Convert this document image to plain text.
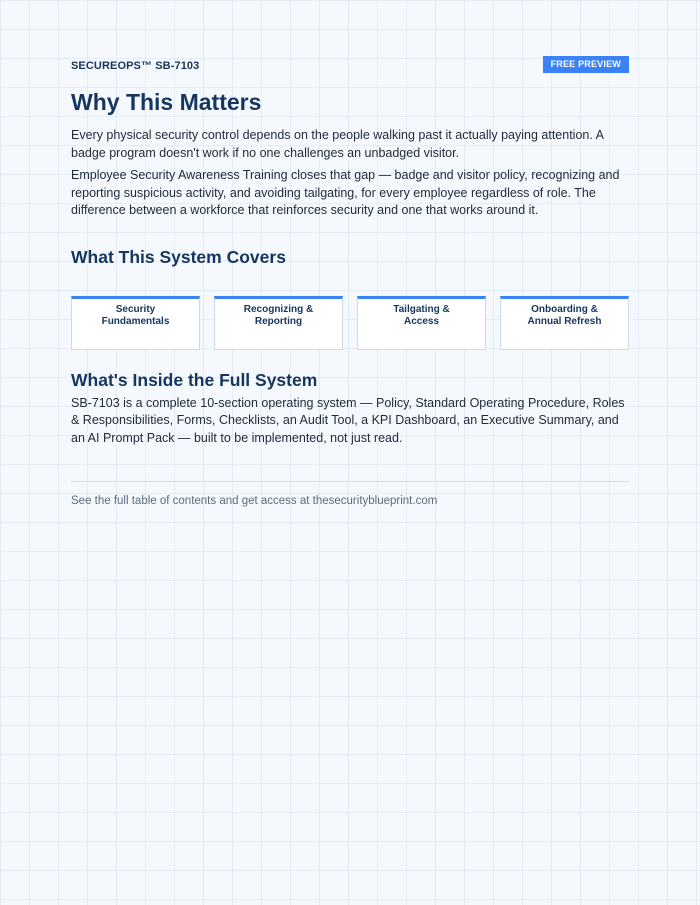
SECUREOPS™ SB-7103	FREE PREVIEW
Why This Matters

Every physical security control depends on the people walking past it actually paying attention. A badge program doesn't work if no one challenges an unbadged visitor.

Employee Security Awareness Training closes that gap — badge and visitor policy, recognizing and reporting suspicious activity, and avoiding tailgating, for every employee regardless of role. The difference between a workforce that reinforces security and one that works around it.

What This System Covers
Security
Fundamentals
Recognizing &
Reporting
Tailgating &
Access
Onboarding &
Annual Refresh
What's Inside the Full System

SB-7103 is a complete 10-section operating system — Policy, Standard Operating Procedure, Roles & Responsibilities, Forms, Checklists, an Audit Tool, a KPI Dashboard, an Executive Summary, and an AI Prompt Pack — built to be implemented, not just read.

See the full table of contents and get access at thesecurityblueprint.com
